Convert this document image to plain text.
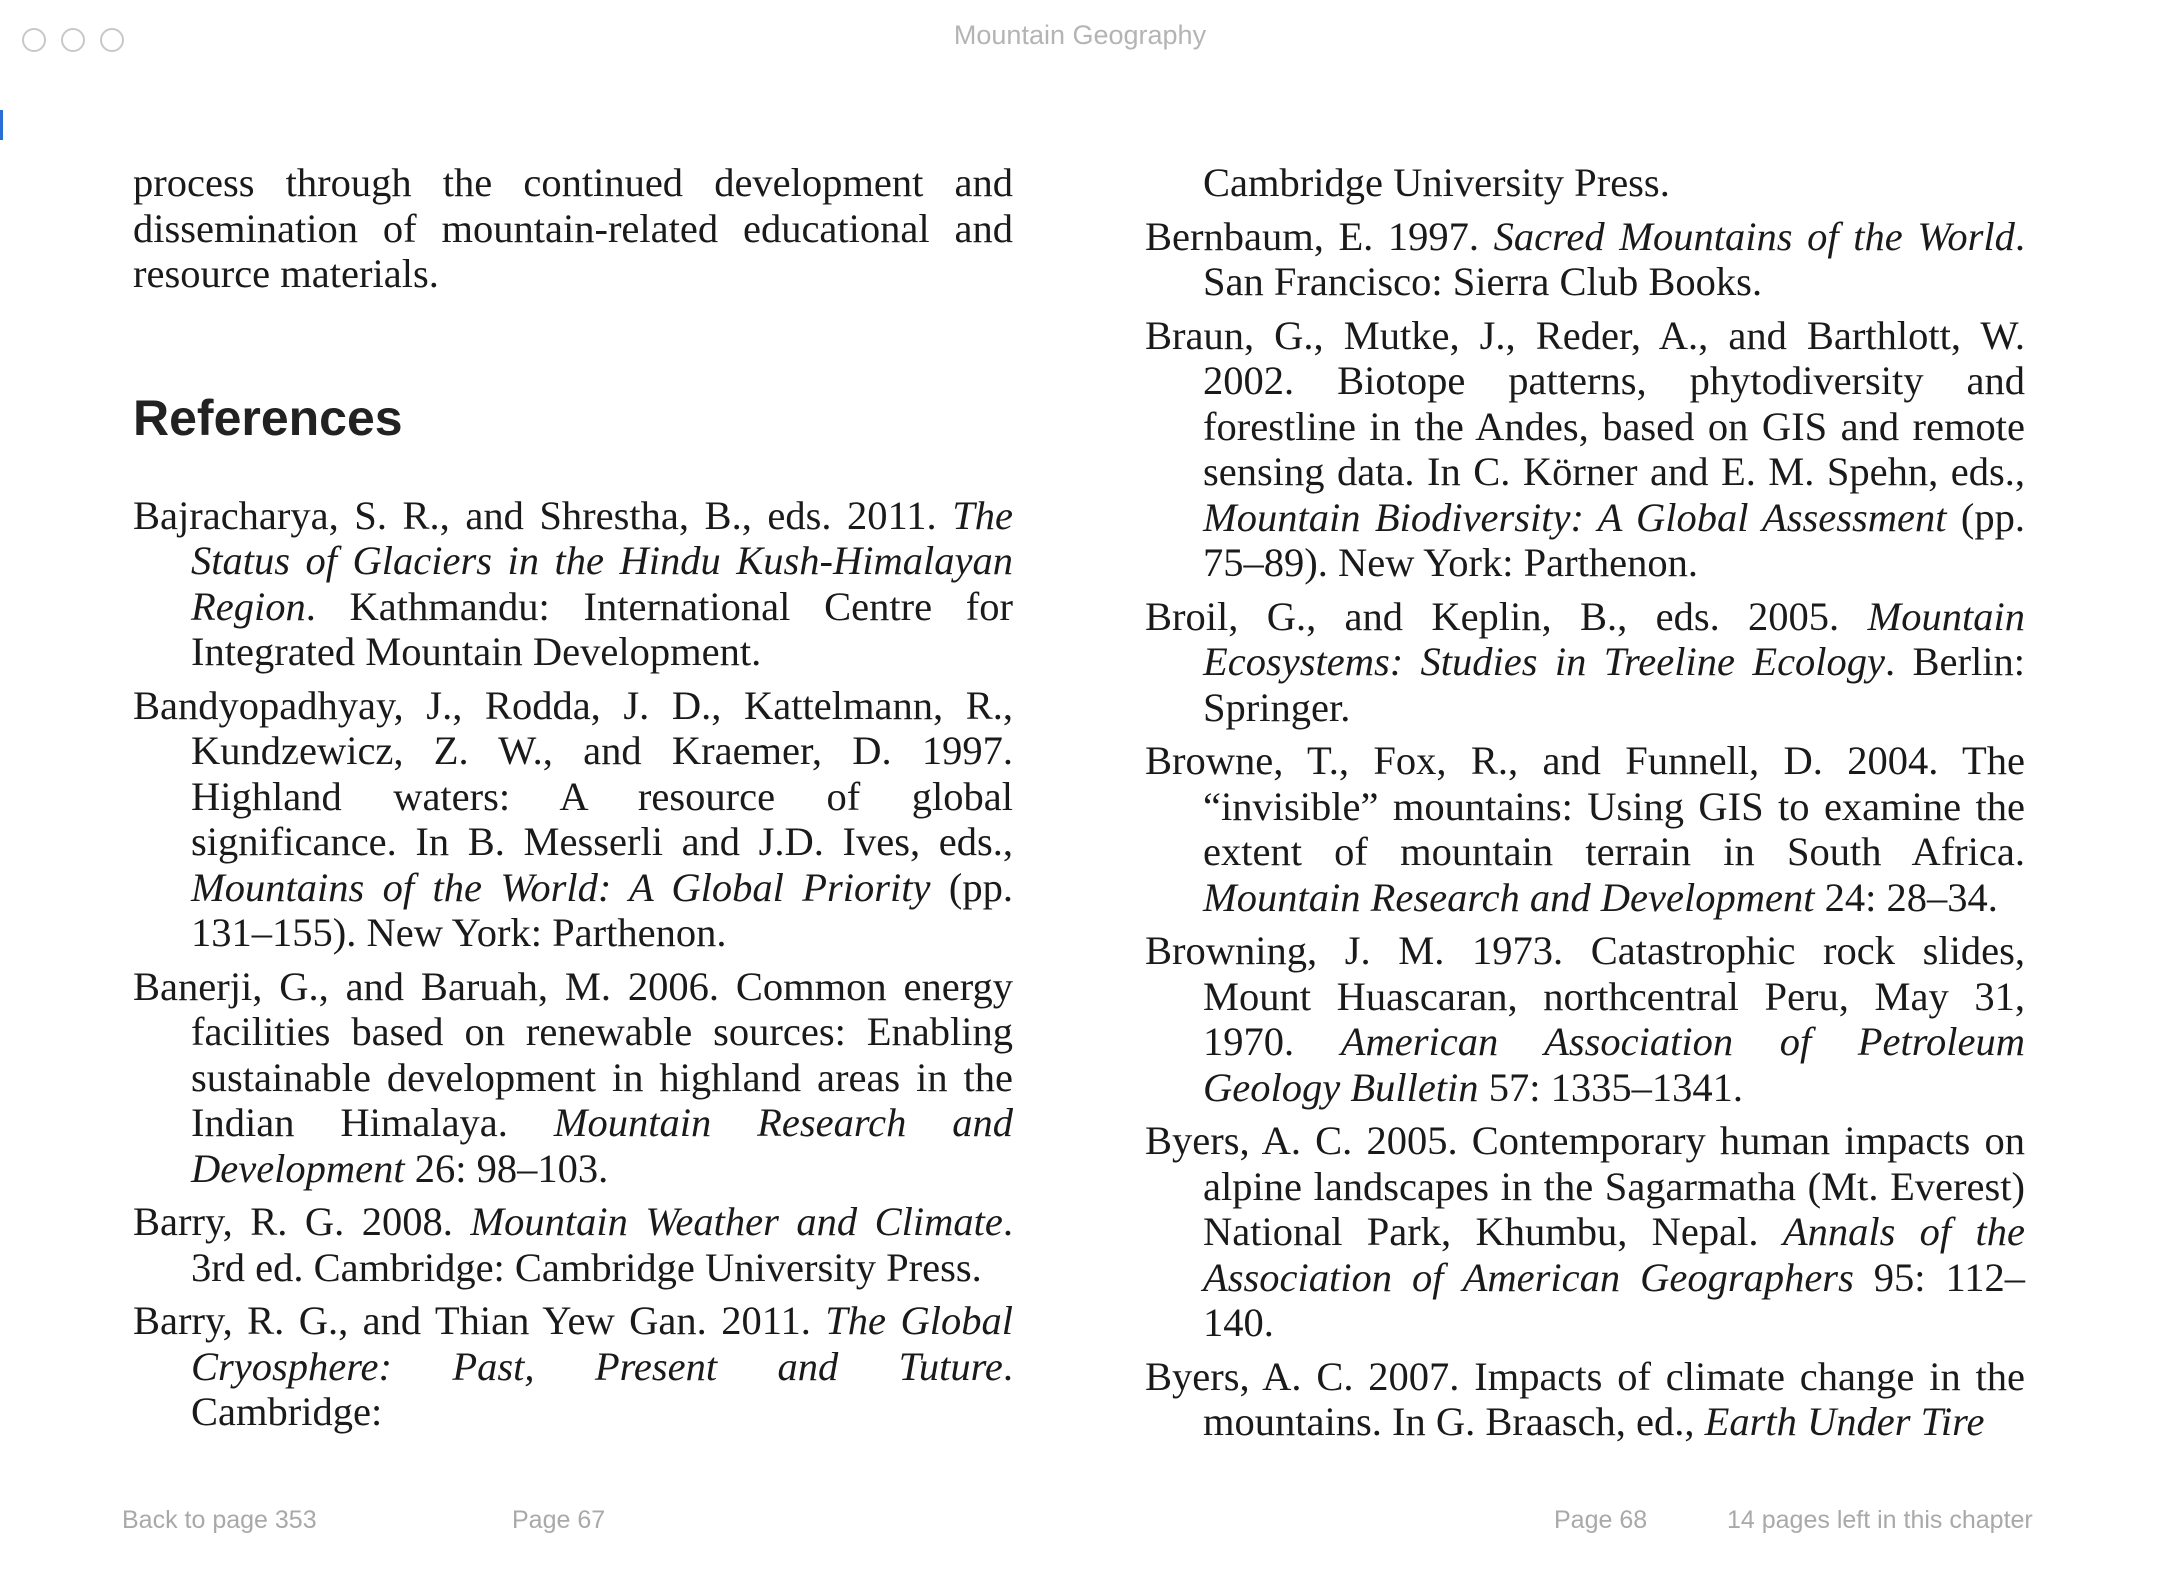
Mountain Geography

process through the continued development and dissemination of mountain-related educational and resource materials.

References

Bajracharya, S. R., and Shrestha, B., eds. 2011. The Status of Glaciers in the Hindu Kush-Himalayan Region. Kathmandu: International Centre for Integrated Mountain Development.

Bandyopadhyay, J., Rodda, J. D., Kattelmann, R., Kundzewicz, Z. W., and Kraemer, D. 1997. Highland waters: A resource of global significance. In B. Messerli and J.D. Ives, eds., Mountains of the World: A Global Priority (pp. 131–155). New York: Parthenon.

Banerji, G., and Baruah, M. 2006. Common energy facilities based on renewable sources: Enabling sustainable development in highland areas in the Indian Himalaya. Mountain Research and Development 26: 98–103.

Barry, R. G. 2008. Mountain Weather and Climate. 3rd ed. Cambridge: Cambridge University Press.

Barry, R. G., and Thian Yew Gan. 2011. The Global Cryosphere: Past, Present and Tuture. Cambridge:

Cambridge University Press.

Bernbaum, E. 1997. Sacred Mountains of the World. San Francisco: Sierra Club Books.

Braun, G., Mutke, J., Reder, A., and Barthlott, W. 2002. Biotope patterns, phytodiversity and forestline in the Andes, based on GIS and remote sensing data. In C. Körner and E. M. Spehn, eds., Mountain Biodiversity: A Global Assessment (pp. 75–89). New York: Parthenon.

Broil, G., and Keplin, B., eds. 2005. Mountain Ecosystems: Studies in Treeline Ecology. Berlin: Springer.

Browne, T., Fox, R., and Funnell, D. 2004. The “invisible” mountains: Using GIS to examine the extent of mountain terrain in South Africa. Mountain Research and Development 24: 28–34.

Browning, J. M. 1973. Catastrophic rock slides, Mount Huascaran, northcentral Peru, May 31, 1970. American Association of Petroleum Geology Bulletin 57: 1335–1341.

Byers, A. C. 2005. Contemporary human impacts on alpine landscapes in the Sagarmatha (Mt. Everest) National Park, Khumbu, Nepal. Annals of the Association of American Geographers 95: 112–140.

Byers, A. C. 2007. Impacts of climate change in the mountains. In G. Braasch, ed., Earth Under Tire

Back to page 353	Page 67	Page 68	14 pages left in this chapter
